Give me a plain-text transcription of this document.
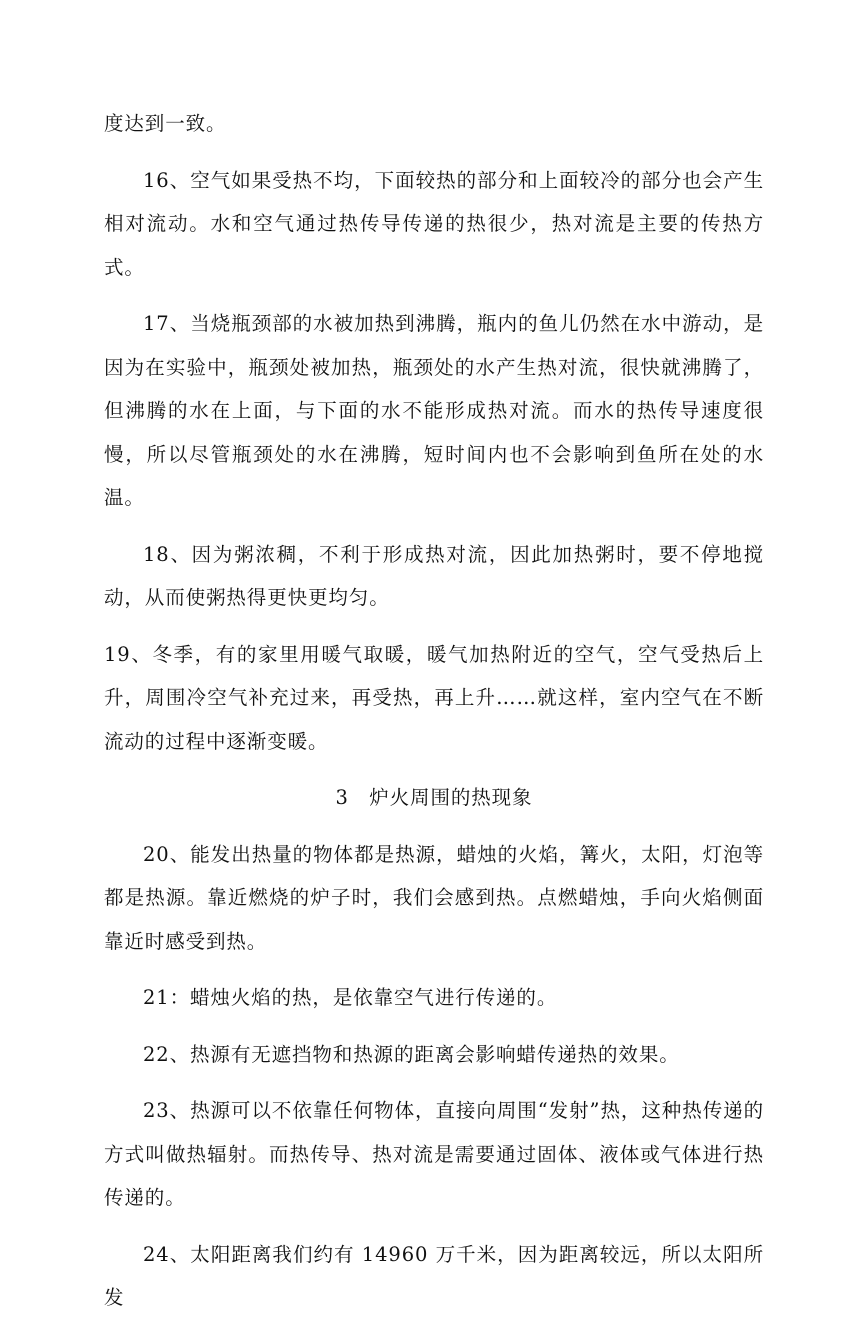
度达到一致。

16、空气如果受热不均，下面较热的部分和上面较冷的部分也会产生相对流动。水和空气通过热传导传递的热很少，热对流是主要的传热方式。

17、当烧瓶颈部的水被加热到沸腾，瓶内的鱼儿仍然在水中游动，是因为在实验中，瓶颈处被加热，瓶颈处的水产生热对流，很快就沸腾了，但沸腾的水在上面，与下面的水不能形成热对流。而水的热传导速度很慢，所以尽管瓶颈处的水在沸腾，短时间内也不会影响到鱼所在处的水温。

18、因为粥浓稠，不利于形成热对流，因此加热粥时，要不停地搅动，从而使粥热得更快更均匀。

19、冬季，有的家里用暖气取暖，暖气加热附近的空气，空气受热后上升，周围冷空气补充过来，再受热，再上升……就这样，室内空气在不断流动的过程中逐渐变暖。

3　炉火周围的热现象

20、能发出热量的物体都是热源，蜡烛的火焰，篝火，太阳，灯泡等都是热源。靠近燃烧的炉子时，我们会感到热。点燃蜡烛，手向火焰侧面靠近时感受到热。

21：蜡烛火焰的热，是依靠空气进行传递的。

22、热源有无遮挡物和热源的距离会影响蜡传递热的效果。

23、热源可以不依靠任何物体，直接向周围“发射”热，这种热传递的方式叫做热辐射。而热传导、热对流是需要通过固体、液体或气体进行热传递的。

24、太阳距离我们约有 14960 万千米，因为距离较远，所以太阳所发
